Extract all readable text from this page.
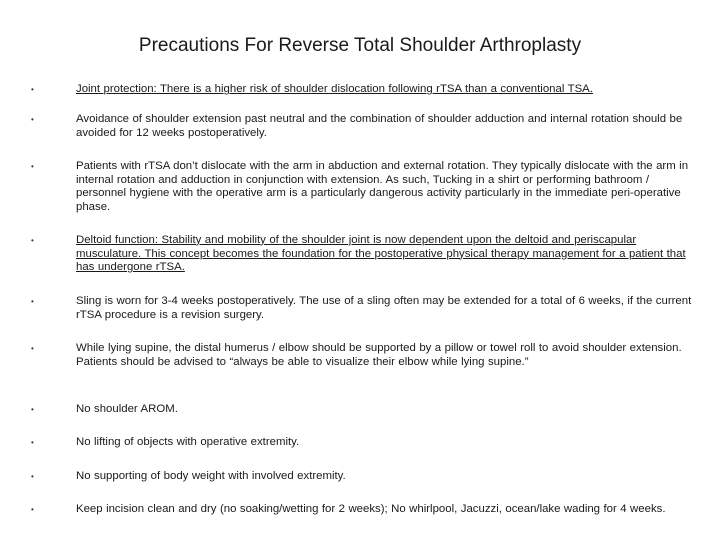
Precautions For Reverse Total Shoulder Arthroplasty
•	Joint protection: There is a higher risk of shoulder dislocation following rTSA than a conventional TSA.
•	Avoidance of shoulder extension past neutral and the combination of shoulder adduction and internal rotation should be avoided for 12 weeks postoperatively.
•	Patients with rTSA don’t dislocate with the arm in abduction and external rotation. They typically dislocate with the arm in internal rotation and adduction in conjunction with extension. As such, Tucking in a shirt or performing bathroom / personnel hygiene with the operative arm is a particularly dangerous activity particularly in the immediate peri-operative phase.
•	Deltoid function: Stability and mobility of the shoulder joint is now dependent upon the deltoid and periscapular musculature. This concept becomes the foundation for the postoperative physical therapy management for a patient that has undergone rTSA.
•	Sling is worn for 3-4 weeks postoperatively. The use of a sling often may be extended for a total of 6 weeks, if the current rTSA procedure is a revision surgery.
•	While lying supine, the distal humerus / elbow should be supported by a pillow or towel roll to avoid shoulder extension. Patients should be advised to “always be able to visualize their elbow while lying supine.”
•	No shoulder AROM.
•	No lifting of objects with operative extremity.
•	No supporting of body weight with involved extremity.
•	Keep incision clean and dry (no soaking/wetting for 2 weeks); No whirlpool, Jacuzzi, ocean/lake wading for 4 weeks.
